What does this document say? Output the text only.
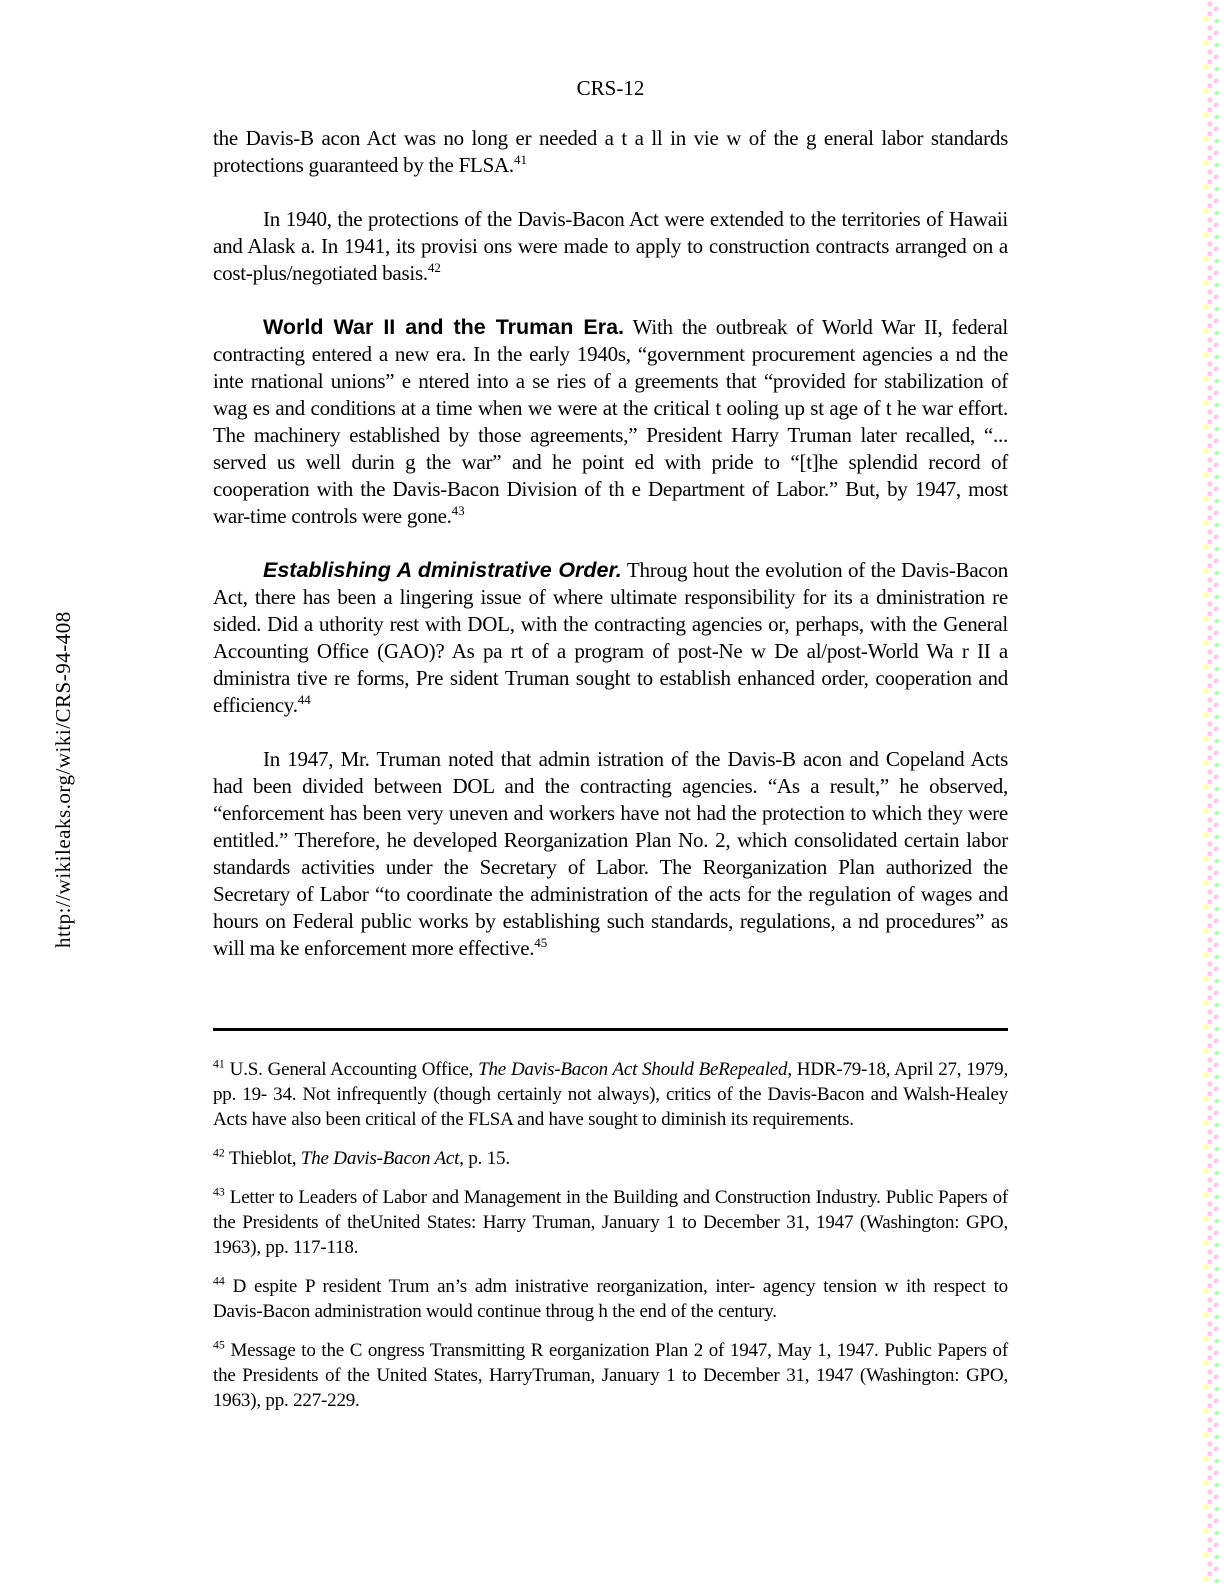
http://wikileaks.org/wiki/CRS-94-408
CRS-12

the Davis-B acon Act was no long er needed a t a ll in vie w of the g eneral labor standards protections guaranteed by the FLSA.$^{41}$

In 1940, the protections of the Davis-Bacon Act were extended to the territories of Hawaii and Alask a. In 1941, its provisi ons were made to apply to construction contracts arranged on a cost-plus/negotiated basis.$^{42}$

World War II and the Truman Era. With the outbreak of World War II, federal contracting entered a new era. In the early 1940s, “government procurement agencies a nd the inte rnational unions” e ntered into a se ries of a greements that “provided for stabilization of wag es and conditions at a time when we were at the critical t ooling up st age of t he war effort. The machinery established by those agreements,” President Harry Truman later recalled, “... served us well durin g the war” and he point ed with pride to “[t]he splendid record of cooperation with the Davis-Bacon Division of th e Department of Labor.” But, by 1947, most war-time controls were gone.$^{43}$

Establishing A dministrative Order. Throug hout the evolution of the Davis-Bacon Act, there has been a lingering issue of where ultimate responsibility for its a dministration re sided. Did a uthority rest with DOL, with the contracting agencies or, perhaps, with the General Accounting Office (GAO)? As pa rt of a program of post-Ne w De al/post-World Wa r II a dministra tive re forms, Pre sident Truman sought to establish enhanced order, cooperation and efficiency.$^{44}$

In 1947, Mr. Truman noted that admin istration of the Davis-B acon and Copeland Acts had been divided between DOL and the contracting agencies. “As a result,” he observed, “enforcement has been very uneven and workers have not had the protection to which they were entitled.” Therefore, he developed Reorganization Plan No. 2, which consolidated certain labor standards activities under the Secretary of Labor. The Reorganization Plan authorized the Secretary of Labor “to coordinate the administration of the acts for the regulation of wages and hours on Federal public works by establishing such standards, regulations, a nd procedures” as will ma ke enforcement more effective.$^{45}$

$^{41}$ U.S. General Accounting Office, The Davis-Bacon Act Should BeRepealed, HDR-79-18, April 27, 1979, pp. 19- 34. Not infrequently (though certainly not always), critics of the Davis-Bacon and Walsh-Healey Acts have also been critical of the FLSA and have sought to diminish its requirements.

$^{42}$ Thieblot, The Davis-Bacon Act, p. 15.

$^{43}$ Letter to Leaders of Labor and Management in the Building and Construction Industry. Public Papers of the Presidents of theUnited States: Harry Truman, January 1 to December 31, 1947 (Washington: GPO, 1963), pp. 117-118.

$^{44}$ D espite P resident Trum an’s adm inistrative reorganization, inter- agency tension w ith respect to Davis-Bacon administration would continue throug h the end of the century.

$^{45}$ Message to the C ongress Transmitting R eorganization Plan 2 of 1947, May 1, 1947. Public Papers of the Presidents of the United States, HarryTruman, January 1 to December 31, 1947 (Washington: GPO, 1963), pp. 227-229.
